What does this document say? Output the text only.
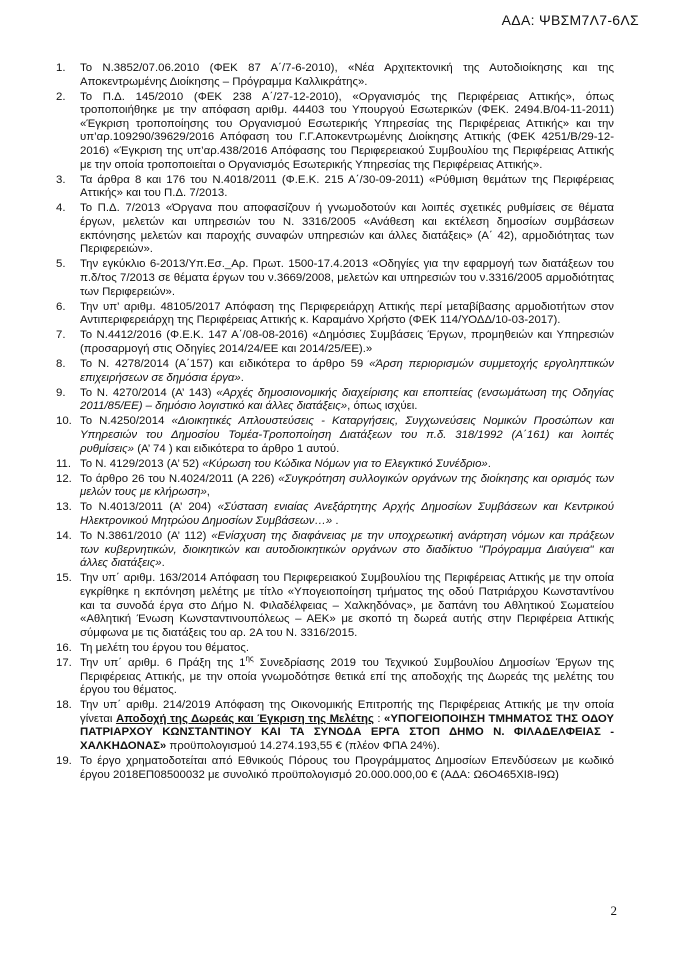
ΑΔΑ: ΨΒΣΜ7Λ7-6ΛΣ
1.	Το Ν.3852/07.06.2010 (ΦΕΚ 87 Α΄/7-6-2010), «Νέα Αρχιτεκτονική της Αυτοδιοίκησης και της Αποκεντρωμένης Διοίκησης – Πρόγραμμα Καλλικράτης».
2.	Το Π.Δ. 145/2010 (ΦΕΚ 238 Α΄/27-12-2010), «Οργανισμός της Περιφέρειας Αττικής», όπως τροποποιήθηκε με την απόφαση αριθμ. 44403 του Υπουργού Εσωτερικών (ΦΕΚ. 2494.Β/04-11-2011) «Έγκριση τροποποίησης του Οργανισμού Εσωτερικής Υπηρεσίας της Περιφέρειας Αττικής» και την υπ’αρ.109290/39629/2016 Απόφαση του Γ.Γ.Αποκεντρωμένης Διοίκησης Αττικής (ΦΕΚ 4251/Β/29-12-2016) «Έγκριση της υπ’αρ.438/2016 Απόφασης του Περιφερειακού Συμβουλίου της Περιφέρειας Αττικής με την οποία τροποποιείται ο Οργανισμός Εσωτερικής Υπηρεσίας της Περιφέρειας Αττικής».
3.	Τα άρθρα 8 και 176 του Ν.4018/2011 (Φ.Ε.Κ. 215 Α΄/30-09-2011) «Ρύθμιση θεμάτων της Περιφέρειας Αττικής» και του Π.Δ. 7/2013.
4.	Το Π.Δ. 7/2013 «Όργανα που αποφασίζουν ή γνωμοδοτούν και λοιπές σχετικές ρυθμίσεις σε θέματα έργων, μελετών και υπηρεσιών του Ν. 3316/2005 «Ανάθεση και εκτέλεση δημοσίων συμβάσεων εκπόνησης μελετών και παροχής συναφών υπηρεσιών και άλλες διατάξεις» (Α΄ 42), αρμοδιότητας των Περιφερειών».
5.	Την εγκύκλιο 6-2013/Υπ.Εσ._Αρ. Πρωτ. 1500-17.4.2013 «Οδηγίες για την εφαρμογή των διατάξεων του π.δ/τος 7/2013 σε θέματα έργων του ν.3669/2008, μελετών και υπηρεσιών του ν.3316/2005 αρμοδιότητας των Περιφερειών».
6.	Την υπ’ αριθμ. 48105/2017 Απόφαση της Περιφερειάρχη Αττικής περί μεταβίβασης αρμοδιοτήτων στον Αντιπεριφερειάρχη της Περιφέρειας Αττικής κ. Καραμάνο Χρήστο (ΦΕΚ 114/ΥΟΔΔ/10-03-2017).
7.	Το Ν.4412/2016 (Φ.Ε.Κ. 147 Α΄/08-08-2016) «Δημόσιες Συμβάσεις Έργων, προμηθειών και Υπηρεσιών (προσαρμογή στις Οδηγίες 2014/24/ΕΕ και 2014/25/ΕΕ).»
8.	Το Ν. 4278/2014 (Α΄157) και ειδικότερα το άρθρο 59 «Άρση περιορισμών συμμετοχής εργοληπτικών επιχειρήσεων σε δημόσια έργα».
9.	Το Ν. 4270/2014 (Α’ 143) «Αρχές δημοσιονομικής διαχείρισης και εποπτείας (ενσωμάτωση της Οδηγίας 2011/85/ΕΕ) – δημόσιο λογιστικό και άλλες διατάξεις», όπως ισχύει.
10. Το Ν.4250/2014 «Διοικητικές Απλουστεύσεις - Καταργήσεις, Συγχωνεύσεις Νομικών Προσώπων και Υπηρεσιών του Δημοσίου Τομέα-Τροποποίηση Διατάξεων του π.δ. 318/1992 (Α΄161) και λοιπές ρυθμίσεις» (Α’ 74 ) και ειδικότερα το άρθρο 1 αυτού.
11. Το Ν. 4129/2013 (Α’ 52) «Κύρωση του Κώδικα Νόμων για το Ελεγκτικό Συνέδριο».
12. Το άρθρο 26 του Ν.4024/2011 (Α 226) «Συγκρότηση συλλογικών οργάνων της διοίκησης και ορισμός των μελών τους με κλήρωση»,
13. Το Ν.4013/2011 (Α’ 204) «Σύσταση ενιαίας Ανεξάρτητης Αρχής Δημοσίων Συμβάσεων και Κεντρικού Ηλεκτρονικού Μητρώου Δημοσίων Συμβάσεων…» .
14. Το Ν.3861/2010 (Α’ 112) «Ενίσχυση της διαφάνειας με την υποχρεωτική ανάρτηση νόμων και πράξεων των κυβερνητικών, διοικητικών και αυτοδιοικητικών οργάνων στο διαδίκτυο "Πρόγραμμα Διαύγεια" και άλλες διατάξεις».
15. Την υπ΄ αριθμ. 163/2014 Απόφαση του Περιφερειακού Συμβουλίου της Περιφέρειας Αττικής με την οποία εγκρίθηκε η εκπόνηση μελέτης με τίτλο «Υπογειοποίηση τμήματος της οδού Πατριάρχου Κωνσταντίνου και τα συνοδά έργα στο Δήμο Ν. Φιλαδέλφειας – Χαλκηδόνας», με δαπάνη του Αθλητικού Σωματείου «Αθλητική Ένωση Κωνσταντινουπόλεως – ΑΕΚ» με σκοπό τη δωρεά αυτής στην Περιφέρεια Αττικής σύμφωνα με τις διατάξεις του αρ. 2Α του Ν. 3316/2015.
16. Τη μελέτη του έργου του θέματος.
17. Την υπ΄ αριθμ. 6 Πράξη της $1^{\eta\varsigma}$ Συνεδρίασης 2019 του Τεχνικού Συμβουλίου Δημοσίων Έργων της Περιφέρειας Αττικής, με την οποία γνωμοδότησε θετικά επί της αποδοχής της Δωρεάς της μελέτης του έργου του θέματος.
18. Την υπ΄ αριθμ. 214/2019 Απόφαση της Οικονομικής Επιτροπής της Περιφέρειας Αττικής με την οποία γίνεται Αποδοχή της Δωρεάς και Έγκριση της Μελέτης : «ΥΠΟΓΕΙΟΠΟΙΗΣΗ ΤΜΗΜΑΤΟΣ ΤΗΣ ΟΔΟΥ ΠΑΤΡΙΑΡΧΟΥ ΚΩΝΣΤΑΝΤΙΝΟΥ ΚΑΙ ΤΑ ΣΥΝΟΔΑ ΕΡΓΑ ΣΤΟΠ ΔΗΜΟ Ν. ΦΙΛΑΔΕΛΦΕΙΑΣ - ΧΑΛΚΗΔΟΝΑΣ» προϋπολογισμού 14.274.193,55 € (πλέον ΦΠΑ 24%).
19. Το έργο χρηματοδοτείται από Εθνικούς Πόρους του Προγράμματος Δημοσίων Επενδύσεων με κωδικό έργου 2018ΕΠ08500032 με συνολικό προϋπολογισμό 20.000.000,00 € (ΑΔΑ: Ω6Ο465ΧΙ8-Ι9Ω)
2
